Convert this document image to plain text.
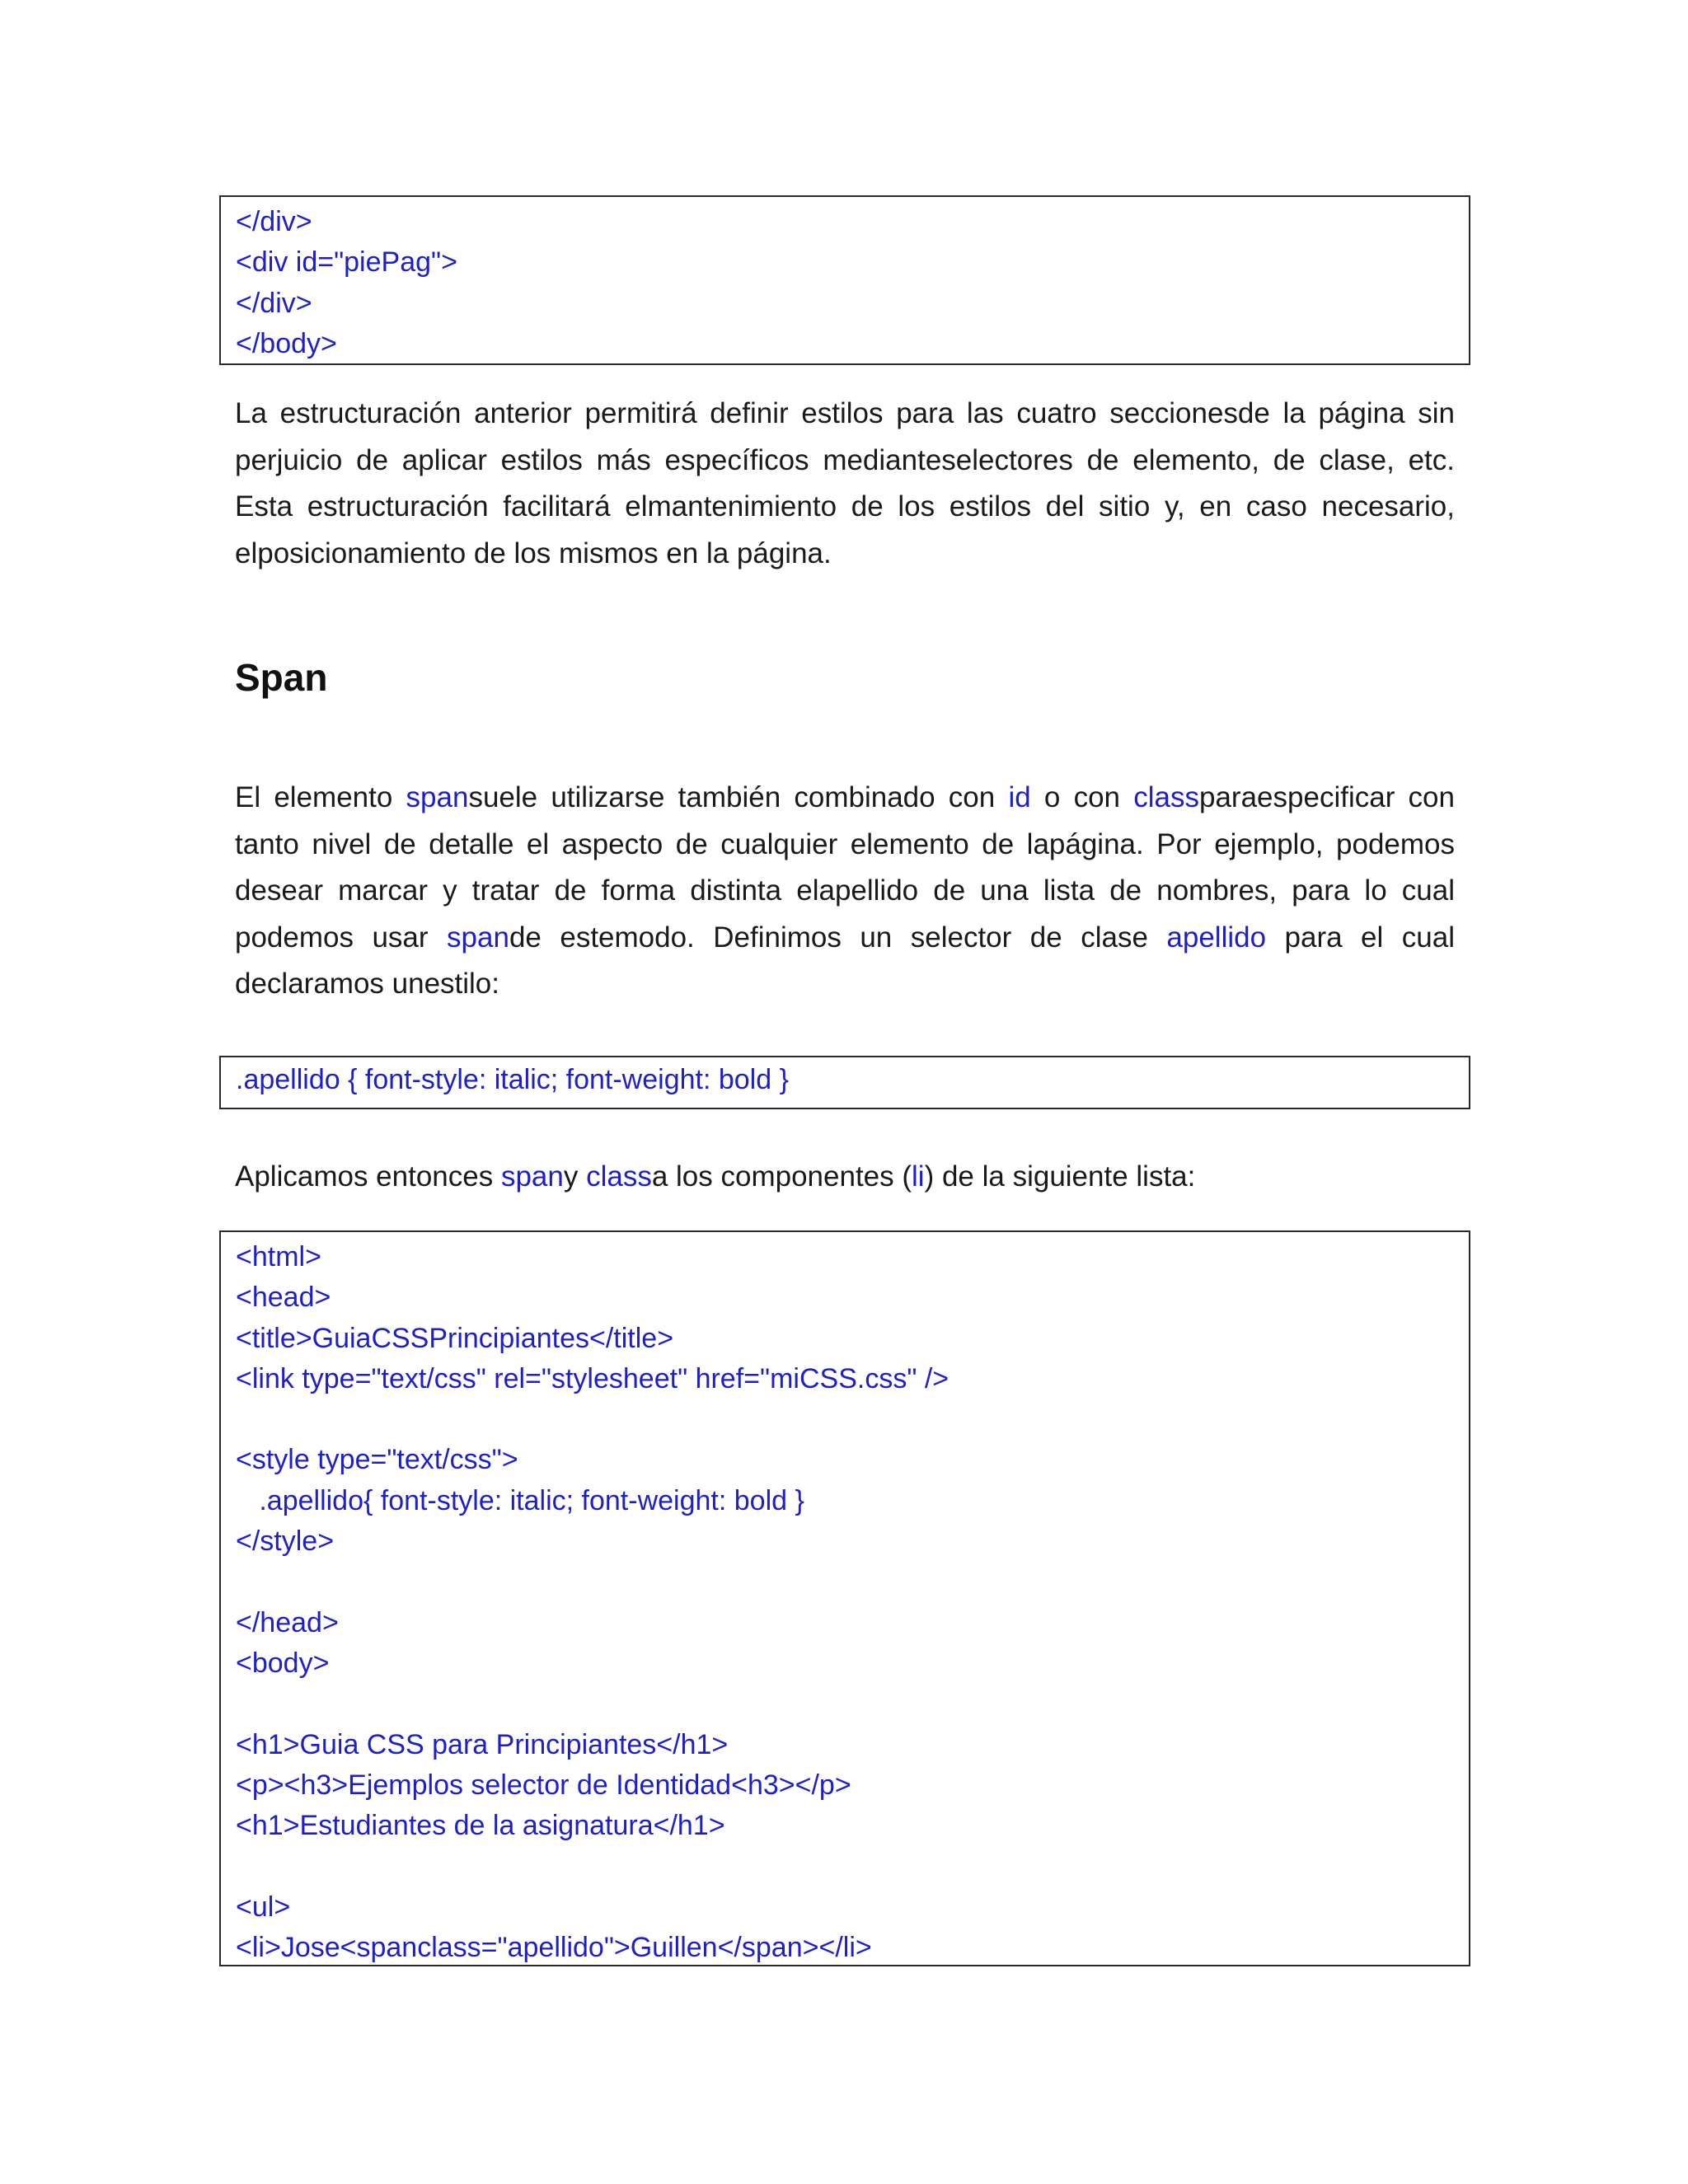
</div>
<div id="piePag">
</div>
</body>
La estructuración anterior permitirá definir estilos para las cuatro seccionesde la página sin perjuicio de aplicar estilos más específicos medianteselectores de elemento, de clase, etc. Esta estructuración facilitará elmantenimiento de los estilos del sitio y, en caso necesario, elposicionamiento de los mismos en la página.
Span
El elemento spansuele utilizarse también combinado con id o con classparaespecificar con tanto nivel de detalle el aspecto de cualquier elemento de lapágina. Por ejemplo, podemos desear marcar y tratar de forma distinta elapellido de una lista de nombres, para lo cual podemos usar spande estemodo. Definimos un selector de clase apellido para el cual declaramos unestilo:
.apellido { font-style: italic; font-weight: bold }
Aplicamos entonces spany classa los componentes (li) de la siguiente lista:
<html>
<head>
<title>GuiaCSSPrincipiantes</title>
<link type="text/css" rel="stylesheet" href="miCSS.css" />
<style type="text/css">
.apellido{ font-style: italic; font-weight: bold }
</style>
</head>
<body>
<h1>Guia CSS para Principiantes</h1>
<p><h3>Ejemplos selector de Identidad<h3></p>
<h1>Estudiantes de la asignatura</h1>
<ul>
<li>Jose<spanclass="apellido">Guillen</span></li>
